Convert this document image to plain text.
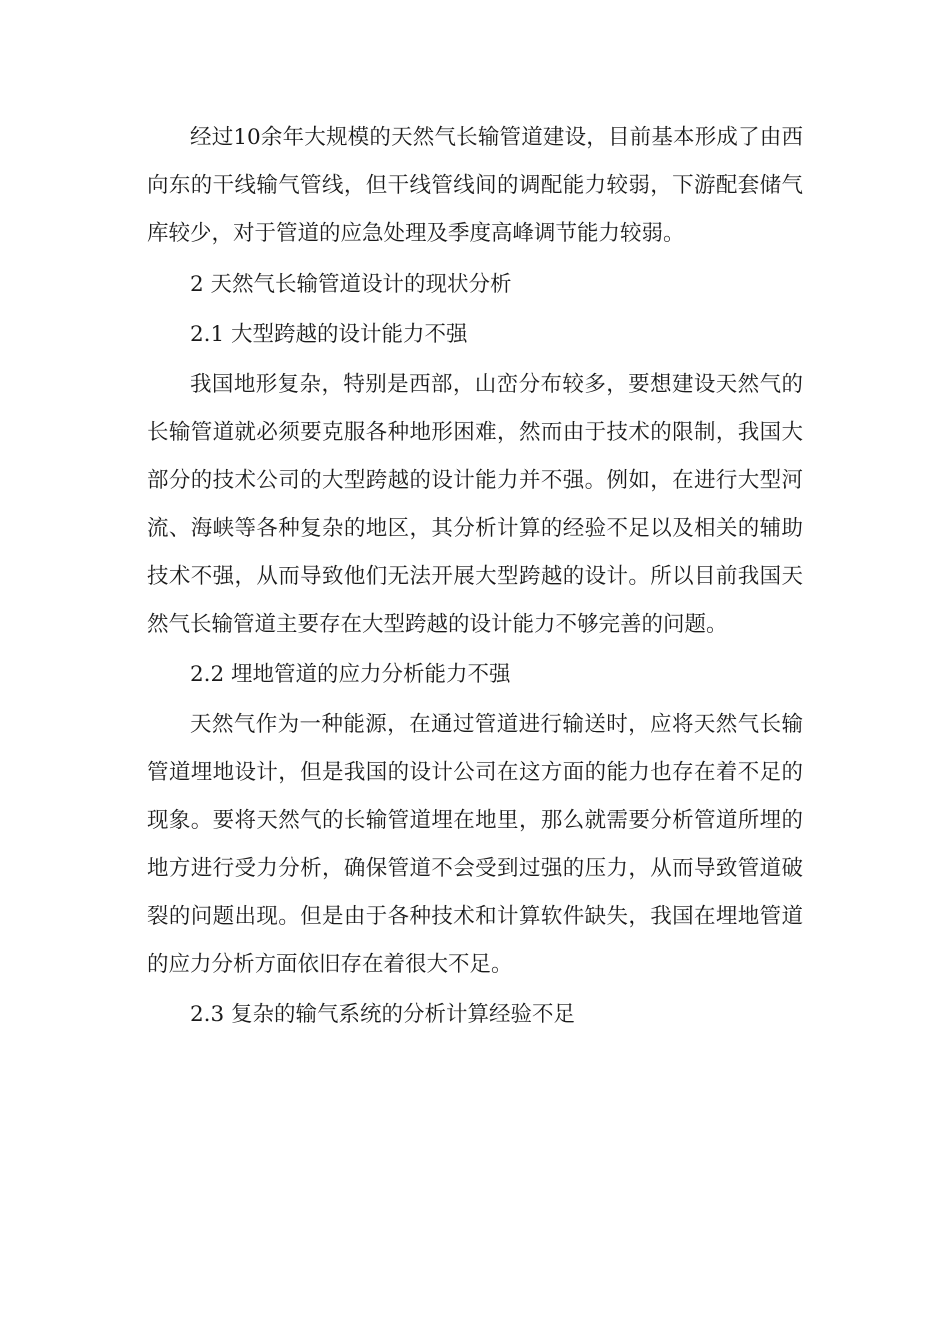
经过10余年大规模的天然气长输管道建设，目前基本形成了由西向东的干线输气管线，但干线管线间的调配能力较弱，下游配套储气库较少，对于管道的应急处理及季度高峰调节能力较弱。

2 天然气长输管道设计的现状分析

2.1 大型跨越的设计能力不强

我国地形复杂，特别是西部，山峦分布较多，要想建设天然气的长输管道就必须要克服各种地形困难，然而由于技术的限制，我国大部分的技术公司的大型跨越的设计能力并不强。例如，在进行大型河流、海峡等各种复杂的地区，其分析计算的经验不足以及相关的辅助技术不强，从而导致他们无法开展大型跨越的设计。所以目前我国天然气长输管道主要存在大型跨越的设计能力不够完善的问题。

2.2 埋地管道的应力分析能力不强

天然气作为一种能源，在通过管道进行输送时，应将天然气长输管道埋地设计，但是我国的设计公司在这方面的能力也存在着不足的现象。要将天然气的长输管道埋在地里，那么就需要分析管道所埋的地方进行受力分析，确保管道不会受到过强的压力，从而导致管道破裂的问题出现。但是由于各种技术和计算软件缺失，我国在埋地管道的应力分析方面依旧存在着很大不足。

2.3 复杂的输气系统的分析计算经验不足
